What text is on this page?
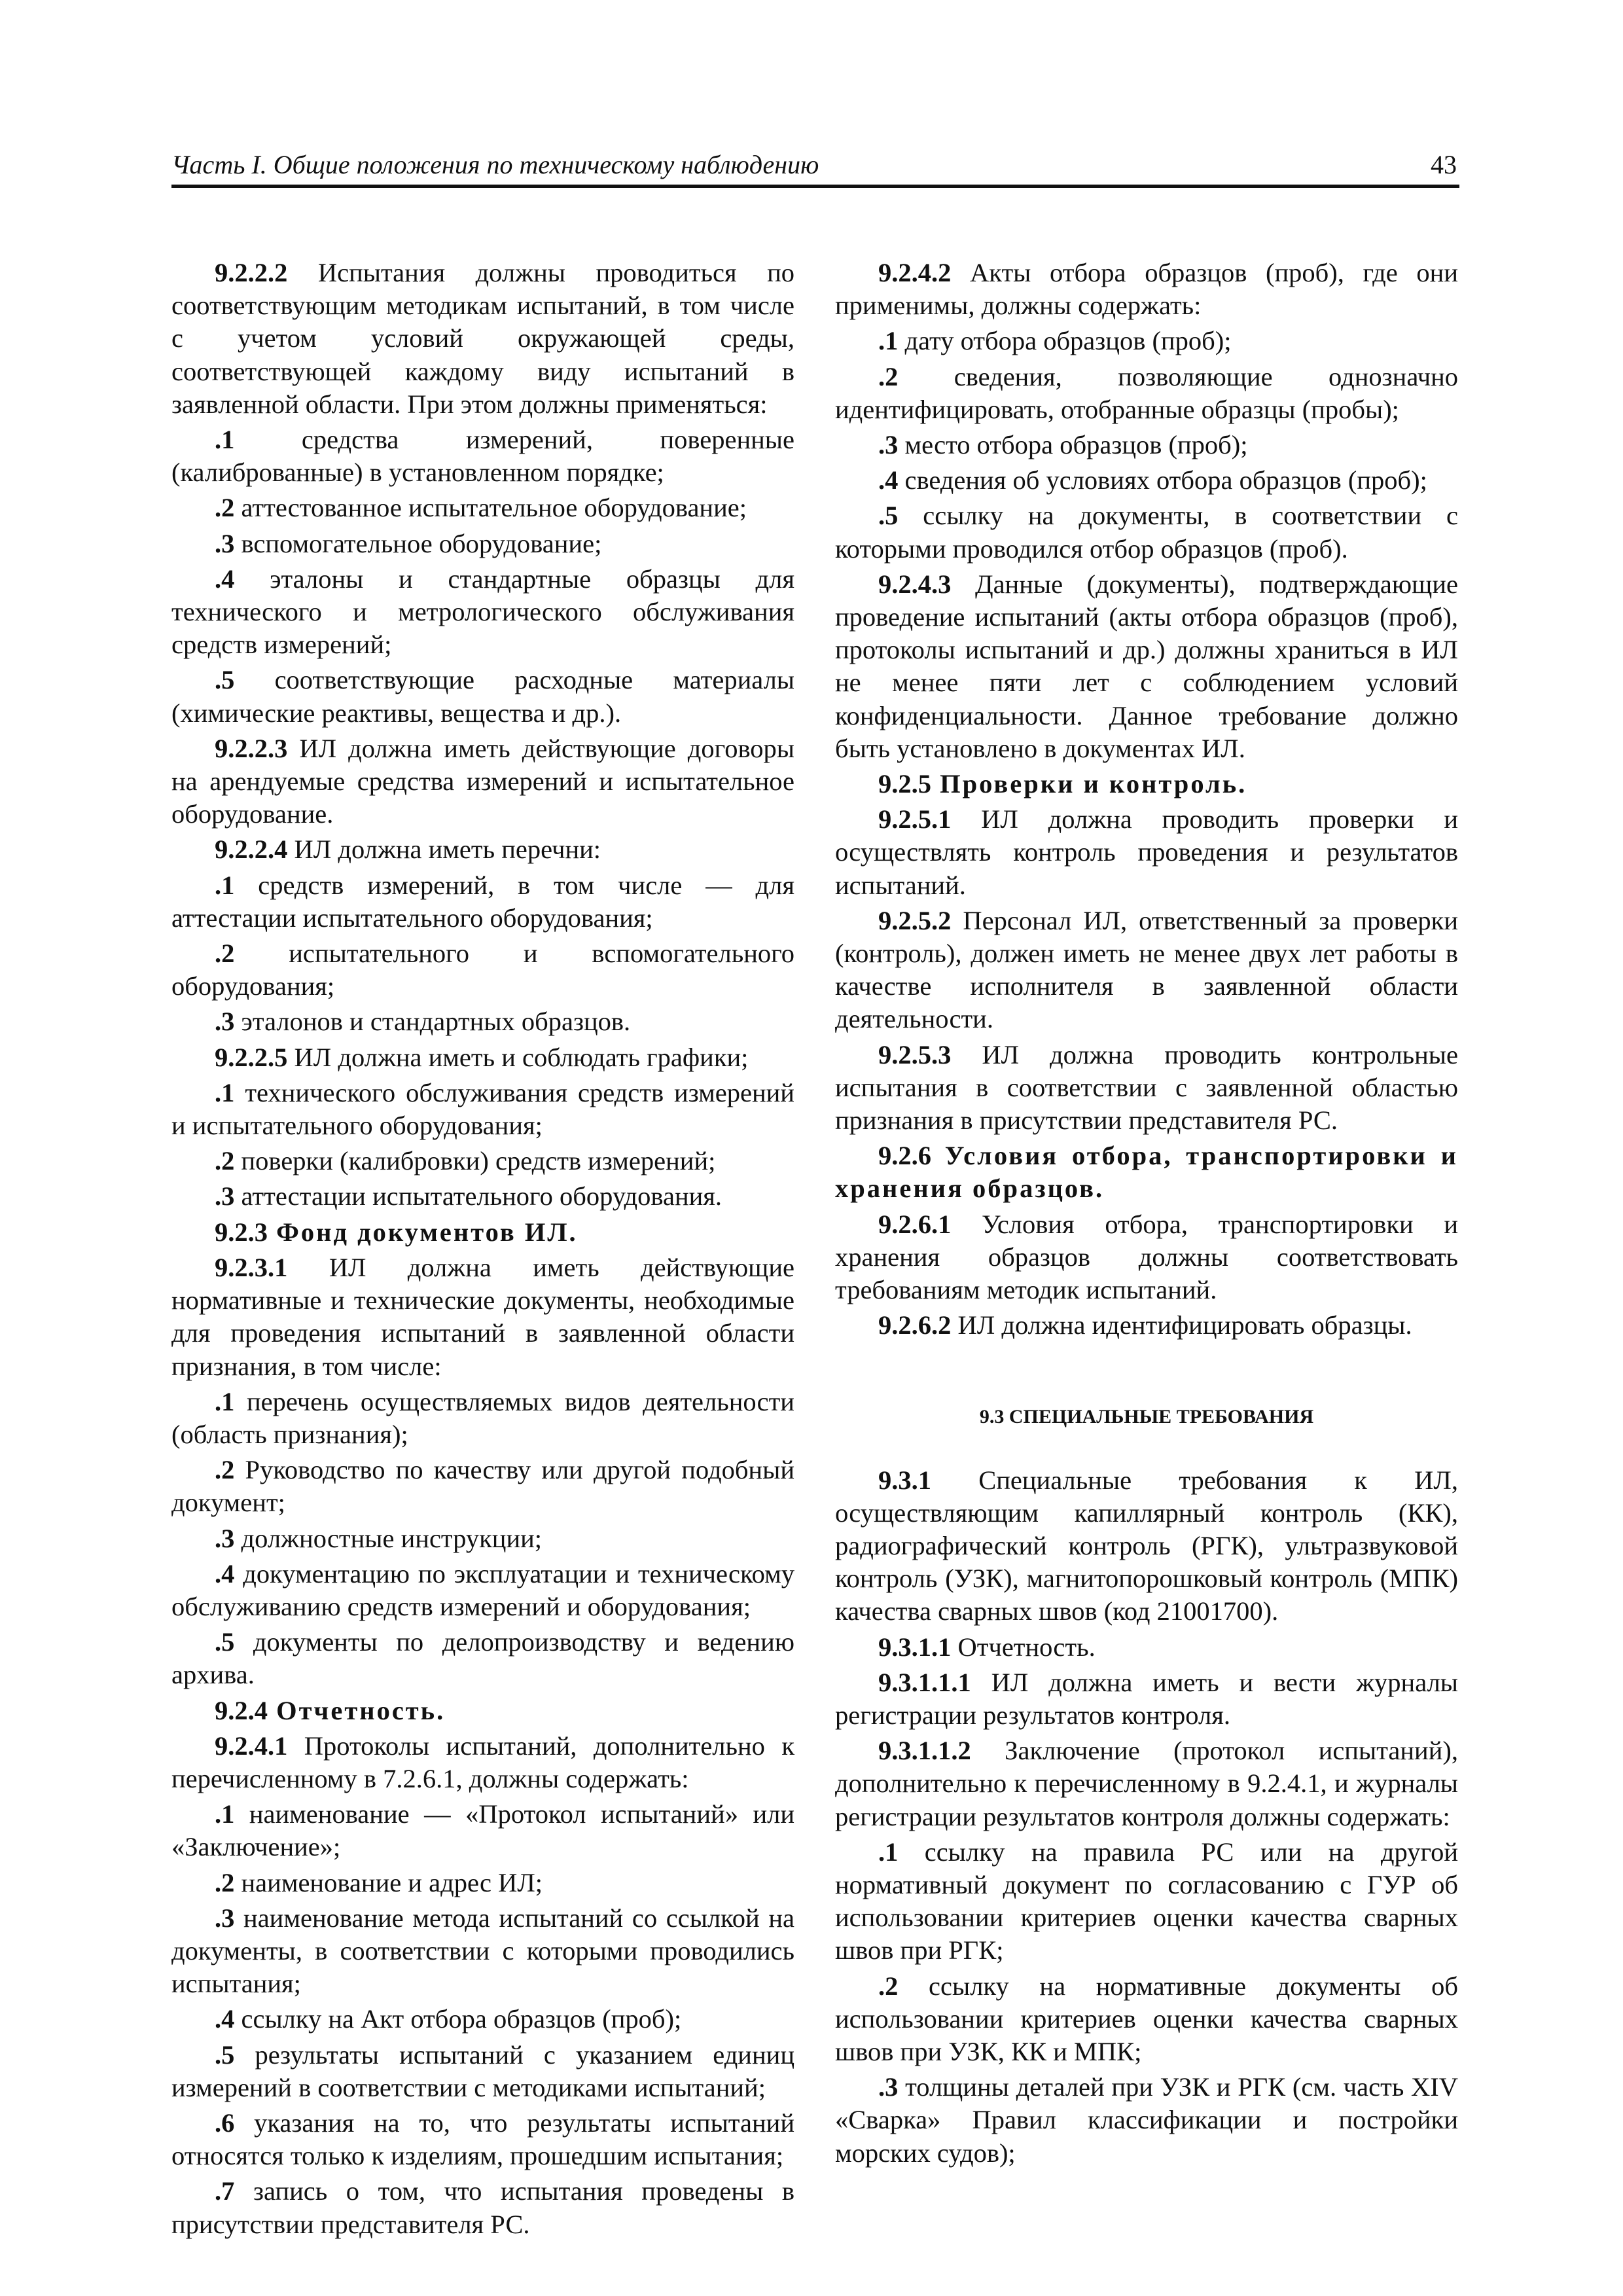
Часть I. Общие положения по техническому наблюдению	43

9.2.2.2 Испытания должны проводиться по соответствующим методикам испытаний, в том числе с учетом условий окружающей среды, соответствующей каждому виду испытаний в заявленной области. При этом должны применяться:

.1 средства измерений, поверенные (калиброванные) в установленном порядке;

.2 аттестованное испытательное оборудование;

.3 вспомогательное оборудование;

.4 эталоны и стандартные образцы для технического и метрологического обслуживания средств измерений;

.5 соответствующие расходные материалы (химические реактивы, вещества и др.).

9.2.2.3 ИЛ должна иметь действующие договоры на арендуемые средства измерений и испытательное оборудование.

9.2.2.4 ИЛ должна иметь перечни:

.1 средств измерений, в том числе — для аттестации испытательного оборудования;

.2 испытательного и вспомогательного оборудования;

.3 эталонов и стандартных образцов.

9.2.2.5 ИЛ должна иметь и соблюдать графики;

.1 технического обслуживания средств измерений и испытательного оборудования;

.2 поверки (калибровки) средств измерений;

.3 аттестации испытательного оборудования.

9.2.3 Фонд документов ИЛ.

9.2.3.1 ИЛ должна иметь действующие нормативные и технические документы, необходимые для проведения испытаний в заявленной области признания, в том числе:

.1 перечень осуществляемых видов деятельности (область признания);

.2 Руководство по качеству или другой подобный документ;

.3 должностные инструкции;

.4 документацию по эксплуатации и техническому обслуживанию средств измерений и оборудования;

.5 документы по делопроизводству и ведению архива.

9.2.4 Отчетность.

9.2.4.1 Протоколы испытаний, дополнительно к перечисленному в 7.2.6.1, должны содержать:

.1 наименование — «Протокол испытаний» или «Заключение»;

.2 наименование и адрес ИЛ;

.3 наименование метода испытаний со ссылкой на документы, в соответствии с которыми проводились испытания;

.4 ссылку на Акт отбора образцов (проб);

.5 результаты испытаний с указанием единиц измерений в соответствии с методиками испытаний;

.6 указания на то, что результаты испытаний относятся только к изделиям, прошедшим испытания;

.7 запись о том, что испытания проведены в присутствии представителя РС.

9.2.4.2 Акты отбора образцов (проб), где они применимы, должны содержать:

.1 дату отбора образцов (проб);

.2 сведения, позволяющие однозначно идентифицировать, отобранные образцы (пробы);

.3 место отбора образцов (проб);

.4 сведения об условиях отбора образцов (проб);

.5 ссылку на документы, в соответствии с которыми проводился отбор образцов (проб).

9.2.4.3 Данные (документы), подтверждающие проведение испытаний (акты отбора образцов (проб), протоколы испытаний и др.) должны храниться в ИЛ не менее пяти лет с соблюдением условий конфиденциальности. Данное требование должно быть установлено в документах ИЛ.

9.2.5 Проверки и контроль.

9.2.5.1 ИЛ должна проводить проверки и осуществлять контроль проведения и результатов испытаний.

9.2.5.2 Персонал ИЛ, ответственный за проверки (контроль), должен иметь не менее двух лет работы в качестве исполнителя в заявленной области деятельности.

9.2.5.3 ИЛ должна проводить контрольные испытания в соответствии с заявленной областью признания в присутствии представителя РС.

9.2.6 Условия отбора, транспортировки и хранения образцов.

9.2.6.1 Условия отбора, транспортировки и хранения образцов должны соответствовать требованиям методик испытаний.

9.2.6.2 ИЛ должна идентифицировать образцы.

9.3 СПЕЦИАЛЬНЫЕ ТРЕБОВАНИЯ

9.3.1 Специальные требования к ИЛ, осуществляющим капиллярный контроль (КК), радиографический контроль (РГК), ультразвуковой контроль (УЗК), магнитопорошковый контроль (МПК) качества сварных швов (код 21001700).

9.3.1.1 Отчетность.

9.3.1.1.1 ИЛ должна иметь и вести журналы регистрации результатов контроля.

9.3.1.1.2 Заключение (протокол испытаний), дополнительно к перечисленному в 9.2.4.1, и журналы регистрации результатов контроля должны содержать:

.1 ссылку на правила РС или на другой нормативный документ по согласованию с ГУР об использовании критериев оценки качества сварных швов при РГК;

.2 ссылку на нормативные документы об использовании критериев оценки качества сварных швов при УЗК, КК и МПК;

.3 толщины деталей при УЗК и РГК (см. часть XIV «Сварка» Правил классификации и постройки морских судов);
